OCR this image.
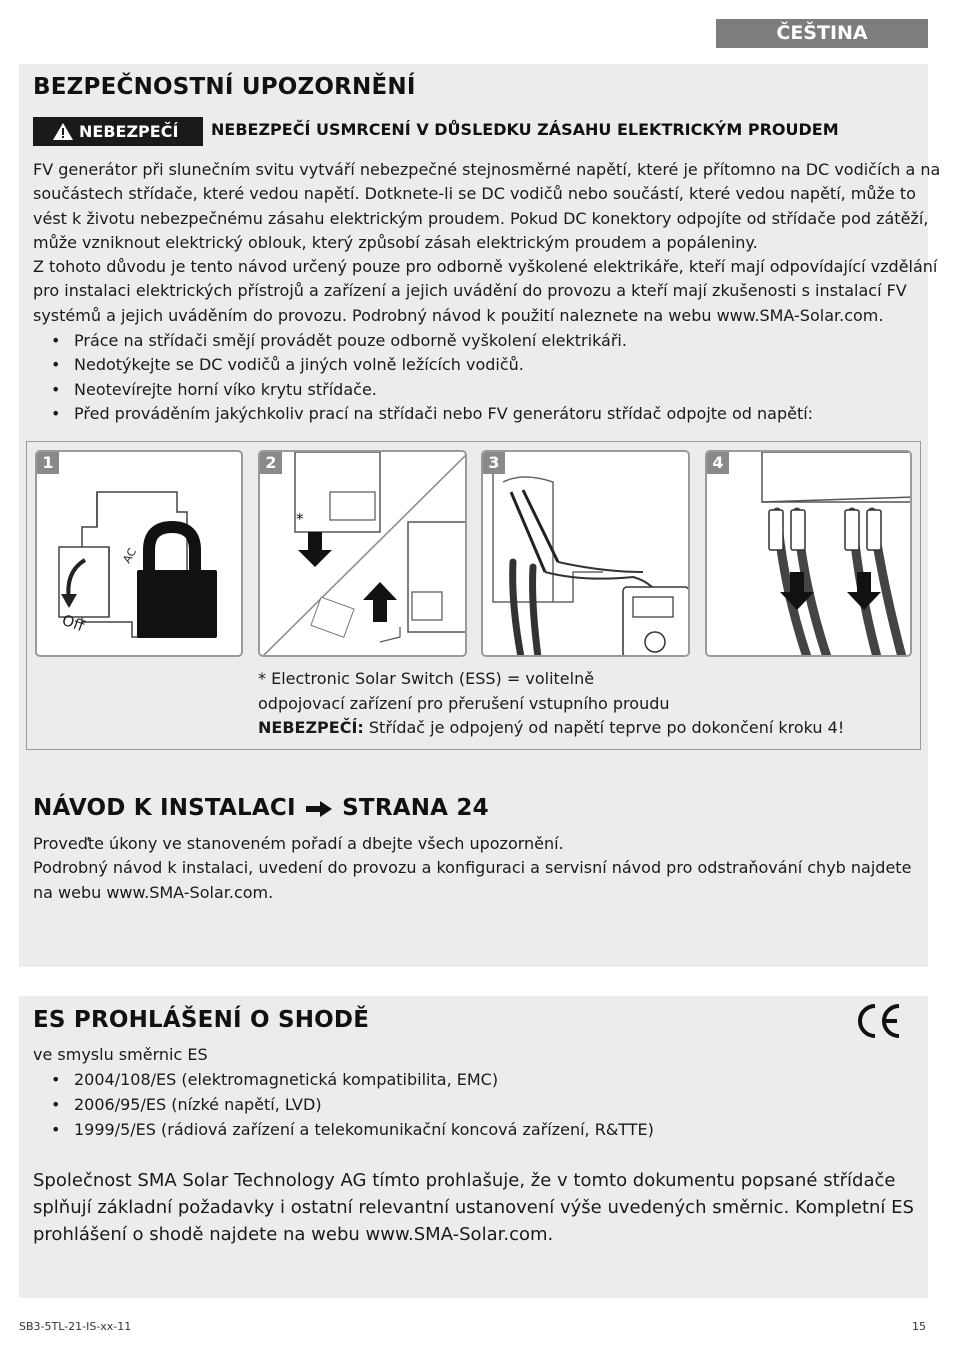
ČEŠTINA
BEZPEČNOSTNÍ UPOZORNĚNÍ
NEBEZPEČÍ NEBEZPEČÍ USMRCENÍ V DŮSLEDKU ZÁSAHU ELEKTRICKÝM PROUDEM
FV generátor při slunečním svitu vytváří nebezpečné stejnosměrné napětí, které je přítomno na DC vodičích a na
součástech střídače, které vedou napětí. Dotknete-li se DC vodičů nebo součástí, které vedou napětí, může to
vést k životu nebezpečnému zásahu elektrickým proudem. Pokud DC konektory odpojíte od střídače pod zátěží,
může vzniknout elektrický oblouk, který způsobí zásah elektrickým proudem a popáleniny.
Z tohoto důvodu je tento návod určený pouze pro odborně vyškolené elektrikáře, kteří mají odpovídající vzdělání
pro instalaci elektrických přístrojů a zařízení a jejich uvádění do provozu a kteří mají zkušenosti s instalací FV
systémů a jejich uváděním do provozu. Podrobný návod k použití naleznete na webu www.SMA-Solar.com.
• Práce na střídači smějí provádět pouze odborně vyškolení elektrikáři.
• Nedotýkejte se DC vodičů a jiných volně ležících vodičů.
• Neotevírejte horní víko krytu střídače.
• Před prováděním jakýchkoliv prací na střídači nebo FV generátoru střídač odpojte od napětí:
AC
Off
1
*
2	3	4
* Electronic Solar Switch (ESS) = volitelně
odpojovací zařízení pro přerušení vstupního proudu
NEBEZPEČÍ: Střídač je odpojený od napětí teprve po dokončení kroku 4!
NÁVOD K INSTALACI STRANA 24
Proveďte úkony ve stanoveném pořadí a dbejte všech upozornění.
Podrobný návod k instalaci, uvedení do provozu a konfiguraci a servisní návod pro odstraňování chyb najdete
na webu www.SMA-Solar.com.
ES PROHLÁŠENÍ O SHODĚ
ve smyslu směrnic ES
• 2004/108/ES (elektromagnetická kompatibilita, EMC)
• 2006/95/ES (nízké napětí, LVD)
• 1999/5/ES (rádiová zařízení a telekomunikační koncová zařízení, R&TTE)
Společnost SMA Solar Technology AG tímto prohlašuje, že v tomto dokumentu popsané střídače
splňují základní požadavky i ostatní relevantní ustanovení výše uvedených směrnic. Kompletní ES
prohlášení o shodě najdete na webu www.SMA-Solar.com.
SB3-5TL-21-IS-xx-11	15
